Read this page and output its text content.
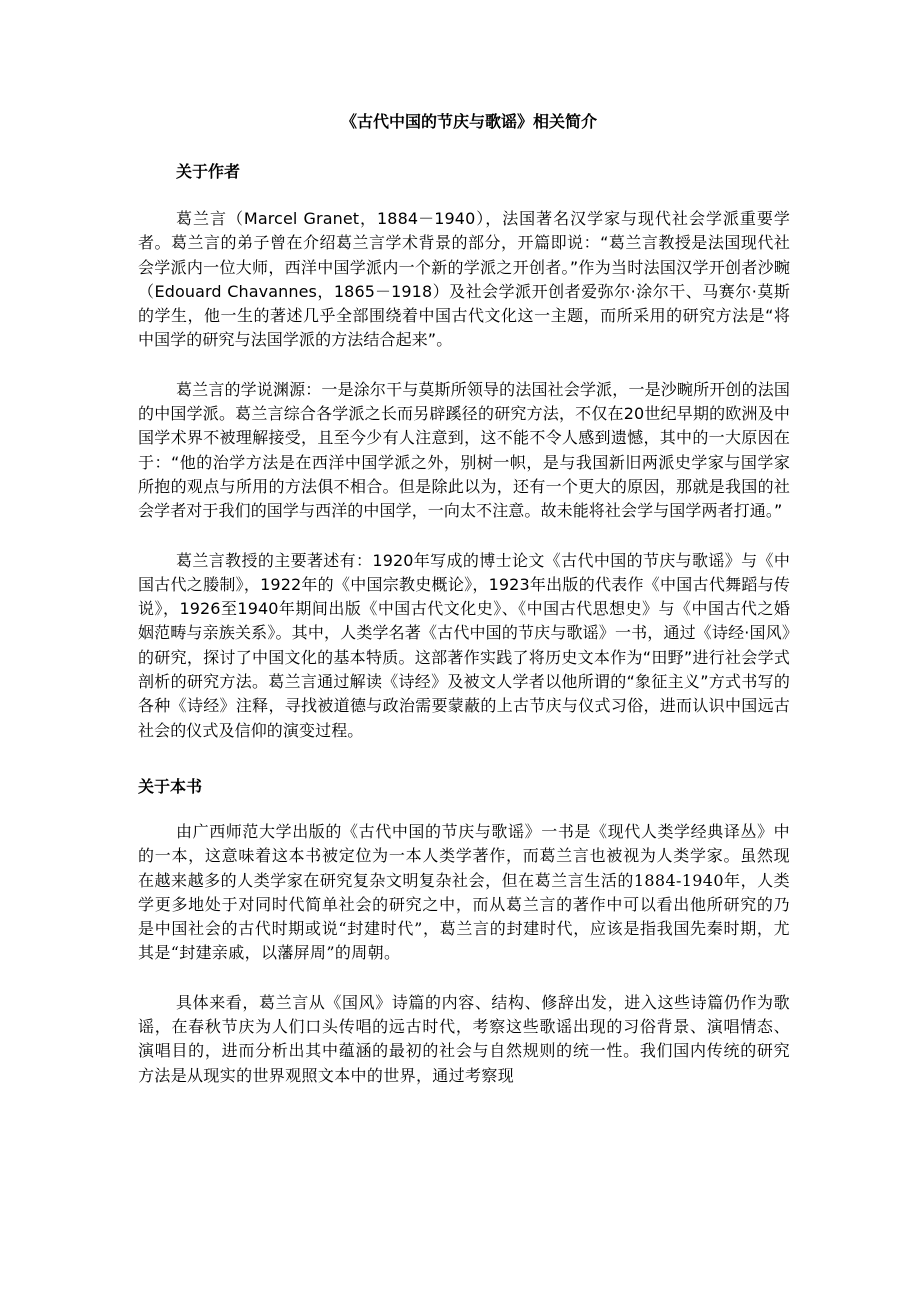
《古代中国的节庆与歌谣》相关简介
关于作者

葛兰言（Marcel Granet，1884－1940），法国著名汉学家与现代社会学派重要学者。葛兰言的弟子曾在介绍葛兰言学术背景的部分，开篇即说：“葛兰言教授是法国现代社会学派内一位大师，西洋中国学派内一个新的学派之开创者。”作为当时法国汉学开创者沙畹（Edouard Chavannes，1865－1918）及社会学派开创者爱弥尔·涂尔干、马赛尔·莫斯的学生，他一生的著述几乎全部围绕着中国古代文化这一主题，而所采用的研究方法是“将中国学的研究与法国学派的方法结合起来”。

葛兰言的学说渊源：一是涂尔干与莫斯所领导的法国社会学派，一是沙畹所开创的法国的中国学派。葛兰言综合各学派之长而另辟蹊径的研究方法，不仅在20世纪早期的欧洲及中国学术界不被理解接受，且至今少有人注意到，这不能不令人感到遗憾，其中的一大原因在于：“他的治学方法是在西洋中国学派之外，别树一帜，是与我国新旧两派史学家与国学家所抱的观点与所用的方法俱不相合。但是除此以为，还有一个更大的原因，那就是我国的社会学者对于我们的国学与西洋的中国学，一向太不注意。故未能将社会学与国学两者打通。”

葛兰言教授的主要著述有：1920年写成的博士论文《古代中国的节庆与歌谣》与《中国古代之媵制》，1922年的《中国宗教史概论》，1923年出版的代表作《中国古代舞蹈与传说》，1926至1940年期间出版《中国古代文化史》、《中国古代思想史》与《中国古代之婚姻范畴与亲族关系》。其中，人类学名著《古代中国的节庆与歌谣》一书，通过《诗经·国风》的研究，探讨了中国文化的基本特质。这部著作实践了将历史文本作为“田野”进行社会学式剖析的研究方法。葛兰言通过解读《诗经》及被文人学者以他所谓的“象征主义”方式书写的各种《诗经》注释，寻找被道德与政治需要蒙蔽的上古节庆与仪式习俗，进而认识中国远古社会的仪式及信仰的演变过程。

关于本书

由广西师范大学出版的《古代中国的节庆与歌谣》一书是《现代人类学经典译丛》中的一本，这意味着这本书被定位为一本人类学著作，而葛兰言也被视为人类学家。虽然现在越来越多的人类学家在研究复杂文明复杂社会，但在葛兰言生活的1884-1940年，人类学更多地处于对同时代简单社会的研究之中，而从葛兰言的著作中可以看出他所研究的乃是中国社会的古代时期或说“封建时代”，葛兰言的封建时代，应该是指我国先秦时期，尤其是“封建亲戚，以藩屏周”的周朝。

具体来看，葛兰言从《国风》诗篇的内容、结构、修辞出发，进入这些诗篇仍作为歌谣，在春秋节庆为人们口头传唱的远古时代，考察这些歌谣出现的习俗背景、演唱情态、演唱目的，进而分析出其中蕴涵的最初的社会与自然规则的统一性。我们国内传统的研究方法是从现实的世界观照文本中的世界，通过考察现
